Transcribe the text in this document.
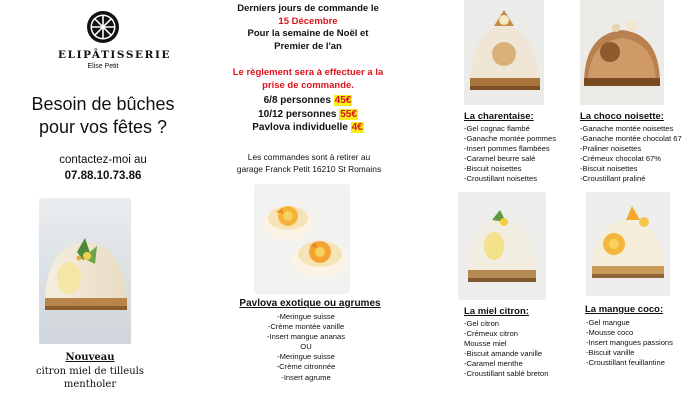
ELIPÂTISSERIE
Elise Petit
Besoin de bûches
pour vos fêtes ?
contactez-moi au
07.88.10.73.86
Nouveau
citron miel de tilleuls
mentholer
Derniers jours de commande le
15 Décembre
Pour la semaine de Noël et
Premier de l'an
Le règlement sera à effectuer a la
prise de commande.
6/8 personnes 45€
10/12 personnes 55€
Pavlova individuelle 4€
Les commandes sont à retirer au
garage Franck Petit 16210 St Romains
Pavlova exotique ou agrumes
-Meringue suisse
-Crème montée vanille
-Insert mangue ananas
OU
-Meringue suisse
-Crème citronnée
-Insert agrume
La charentaise:
-Gel cognac flambé
-Ganache montée pommes
-Insert pommes flambées
-Caramel beurre salé
-Biscuit noisettes
-Croustillant noisettes
La choco noisette:
-Ganache montée noisettes
-Ganache montée chocolat 67
-Praliner noisettes
-Crémeux chocolat 67%
-Biscuit noisettes
-Croustillant praliné
La miel citron:
-Gel citron
-Crémeux citron
Mousse miel
-Biscuit amande vanille
-Caramel menthe
-Croustillant sablé breton
La mangue coco:
-Gel mangue
-Mousse coco
-Insert mangues passions
-Biscuit vanille
-Croustillant feuillantine
